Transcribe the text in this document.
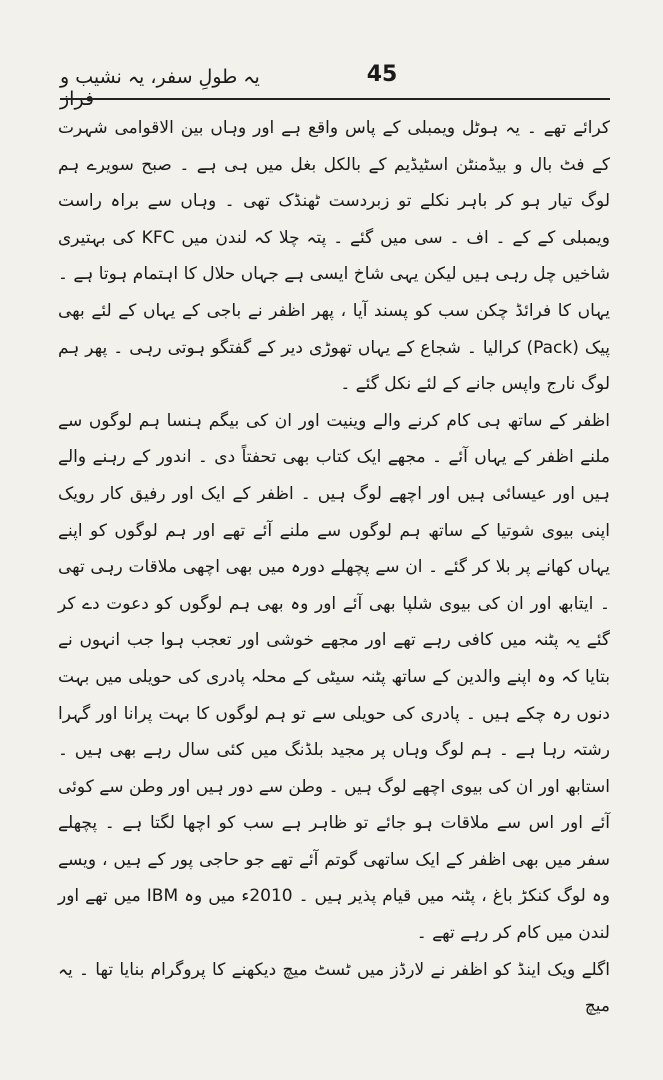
یہ طولِ سفر، یہ نشیب و فراز
45

کرائے تھے ۔ یہ ہوٹل ویمبلی کے پاس واقع ہے اور وہاں بین الاقوامی شہرت کے فٹ بال و بیڈمنٹن اسٹیڈیم کے بالکل بغل میں ہی ہے ۔ صبح سویرے ہم لوگ تیار ہو کر باہر نکلے تو زبردست ٹھنڈک تھی ۔ وہاں سے براہ راست ویمبلی کے کے ۔ اف ۔ سی میں گئے ۔ پتہ چلا کہ لندن میں KFC کی بہتیری شاخیں چل رہی ہیں لیکن یہی شاخ ایسی ہے جہاں حلال کا اہتمام ہوتا ہے ۔ یہاں کا فرائڈ چکن سب کو پسند آیا ، پھر اظفر نے باجی کے یہاں کے لئے بھی پیک (Pack) کرالیا ۔ شجاع کے یہاں تھوڑی دیر کے گفتگو ہوتی رہی ۔ پھر ہم لوگ نارج واپس جانے کے لئے نکل گئے ۔

اظفر کے ساتھ ہی کام کرنے والے وینیت اور ان کی بیگم ہنسا ہم لوگوں سے ملنے اظفر کے یہاں آئے ۔ مجھے ایک کتاب بھی تحفتاً دی ۔ اندور کے رہنے والے ہیں اور عیسائی ہیں اور اچھے لوگ ہیں ۔ اظفر کے ایک اور رفیق کار رویک اپنی بیوی شوتیا کے ساتھ ہم لوگوں سے ملنے آئے تھے اور ہم لوگوں کو اپنے یہاں کھانے پر بلا کر گئے ۔ ان سے پچھلے دورہ میں بھی اچھی ملاقات رہی تھی ۔ ایتابھ اور ان کی بیوی شلپا بھی آئے اور وہ بھی ہم لوگوں کو دعوت دے کر گئے یہ پٹنہ میں کافی رہے تھے اور مجھے خوشی اور تعجب ہوا جب انہوں نے بتایا کہ وہ اپنے والدین کے ساتھ پٹنہ سیٹی کے محلہ پادری کی حویلی میں بہت دنوں رہ چکے ہیں ۔ پادری کی حویلی سے تو ہم لوگوں کا بہت پرانا اور گہرا رشتہ رہا ہے ۔ ہم لوگ وہاں پر مجید بلڈنگ میں کئی سال رہے بھی ہیں ۔ استابھ اور ان کی بیوی اچھے لوگ ہیں ۔ وطن سے دور ہیں اور وطن سے کوئی آئے اور اس سے ملاقات ہو جائے تو ظاہر ہے سب کو اچھا لگتا ہے ۔ پچھلے سفر میں بھی اظفر کے ایک ساتھی گوتم آئے تھے جو حاجی پور کے ہیں ، ویسے وہ لوگ کنکڑ باغ ، پٹنہ میں قیام پذیر ہیں ۔ 2010ء میں وہ IBM میں تھے اور لندن میں کام کر رہے تھے ۔

اگلے ویک اینڈ کو اظفر نے لارڈز میں ٹسٹ میچ دیکھنے کا پروگرام بنایا تھا ۔ یہ میچ
